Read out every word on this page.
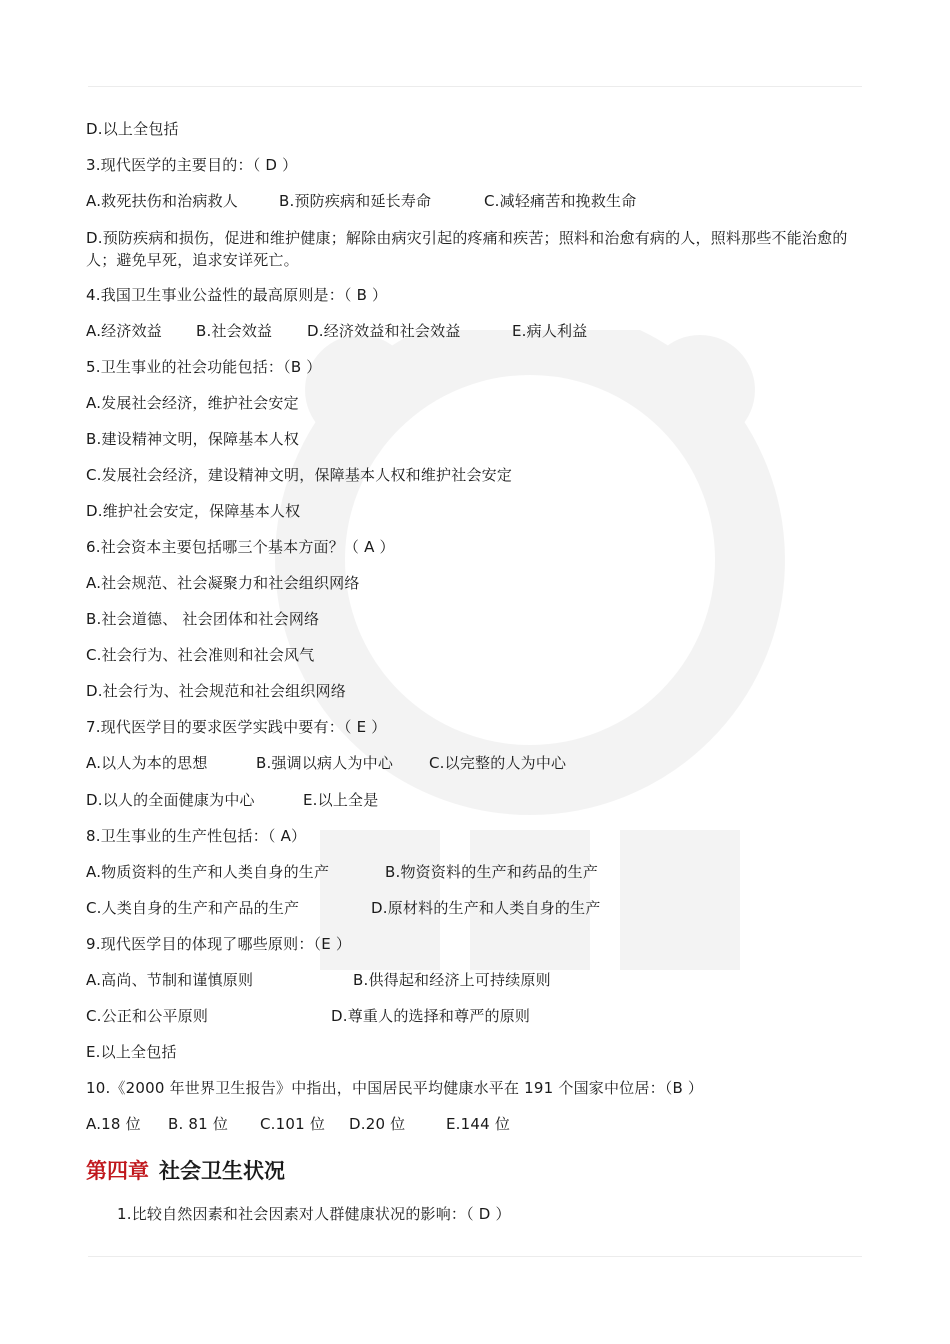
D.以上全包括
3.现代医学的主要目的：（ D ）
A.救死扶伤和治病救人	B.预防疾病和延长寿命	C.减轻痛苦和挽救生命
D.预防疾病和损伤，促进和维护健康；解除由病灾引起的疼痛和疾苦；照料和治愈有病的人，照料那些不能治愈的人；避免早死，追求安详死亡。
4.我国卫生事业公益性的最高原则是：（ B ）
A.经济效益 B.社会效益 D.经济效益和社会效益	E.病人利益
5.卫生事业的社会功能包括：（B ）
A.发展社会经济，维护社会安定
B.建设精神文明，保障基本人权
C.发展社会经济，建设精神文明，保障基本人权和维护社会安定
D.维护社会安定，保障基本人权
6.社会资本主要包括哪三个基本方面？（ A ）
A.社会规范、社会凝聚力和社会组织网络
B.社会道德、 社会团体和社会网络
C.社会行为、社会准则和社会风气
D.社会行为、社会规范和社会组织网络
7.现代医学目的要求医学实践中要有：（ E ）
A.以人为本的思想	B.强调以病人为中心 C.以完整的人为中心
D.以人的全面健康为中心	E.以上全是
8.卫生事业的生产性包括：（ A）
A.物质资料的生产和人类自身的生产	B.物资资料的生产和药品的生产
C.人类自身的生产和产品的生产	D.原材料的生产和人类自身的生产
9.现代医学目的体现了哪些原则：（E ）
A.高尚、节制和谨慎原则	B.供得起和经济上可持续原则
C.公正和公平原则	D.尊重人的选择和尊严的原则
E.以上全包括
10.《2000 年世界卫生报告》中指出，中国居民平均健康水平在 191 个国家中位居：（B ）
A.18 位 B. 81 位 C.101 位 D.20 位	E.144 位
第四章 社会卫生状况
1.比较自然因素和社会因素对人群健康状况的影响：（ D ）
